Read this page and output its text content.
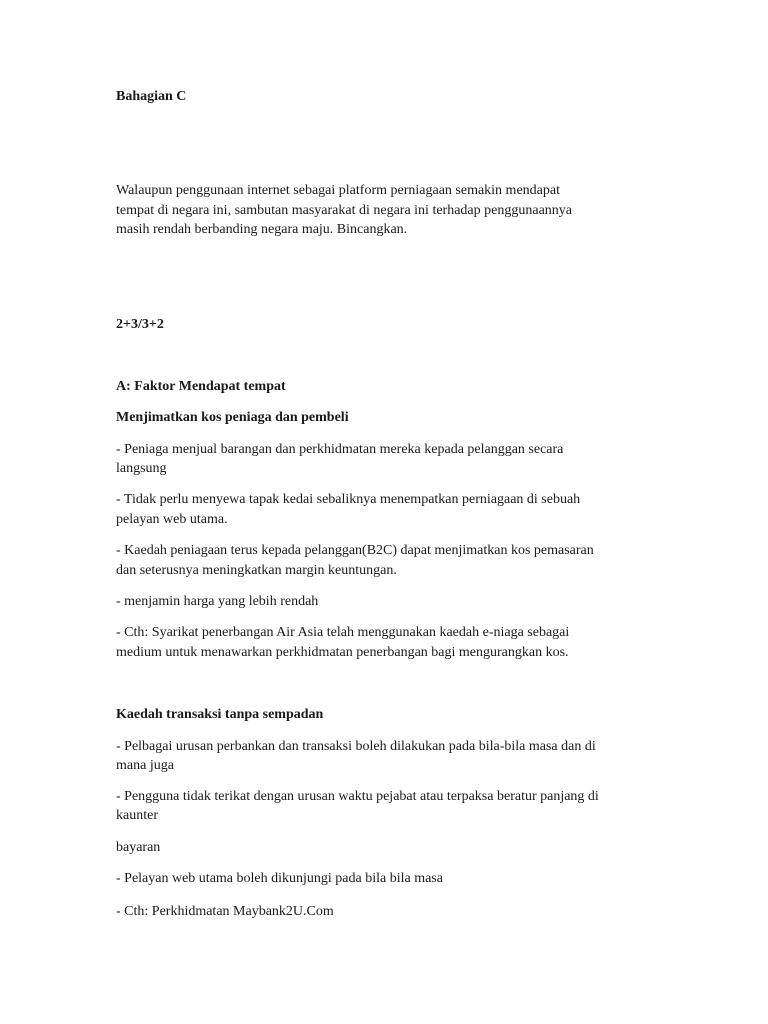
Bahagian C
Walaupun penggunaan internet sebagai platform perniagaan semakin mendapat
tempat di negara ini, sambutan masyarakat di negara ini terhadap penggunaannya
masih rendah berbanding negara maju. Bincangkan.
2+3/3+2
A: Faktor Mendapat tempat
Menjimatkan kos peniaga dan pembeli
- Peniaga menjual barangan dan perkhidmatan mereka kepada pelanggan secara
langsung
- Tidak perlu menyewa tapak kedai sebaliknya menempatkan perniagaan di sebuah
pelayan web utama.
- Kaedah peniagaan terus kepada pelanggan(B2C) dapat menjimatkan kos pemasaran
dan seterusnya meningkatkan margin keuntungan.
- menjamin harga yang lebih rendah
- Cth: Syarikat penerbangan Air Asia telah menggunakan kaedah e-niaga sebagai
medium untuk menawarkan perkhidmatan penerbangan bagi mengurangkan kos.
Kaedah transaksi tanpa sempadan
- Pelbagai urusan perbankan dan transaksi boleh dilakukan pada bila-bila masa dan di
mana juga
- Pengguna tidak terikat dengan urusan waktu pejabat atau terpaksa beratur panjang di
kaunter
bayaran
- Pelayan web utama boleh dikunjungi pada bila bila masa
- Cth: Perkhidmatan Maybank2U.Com
